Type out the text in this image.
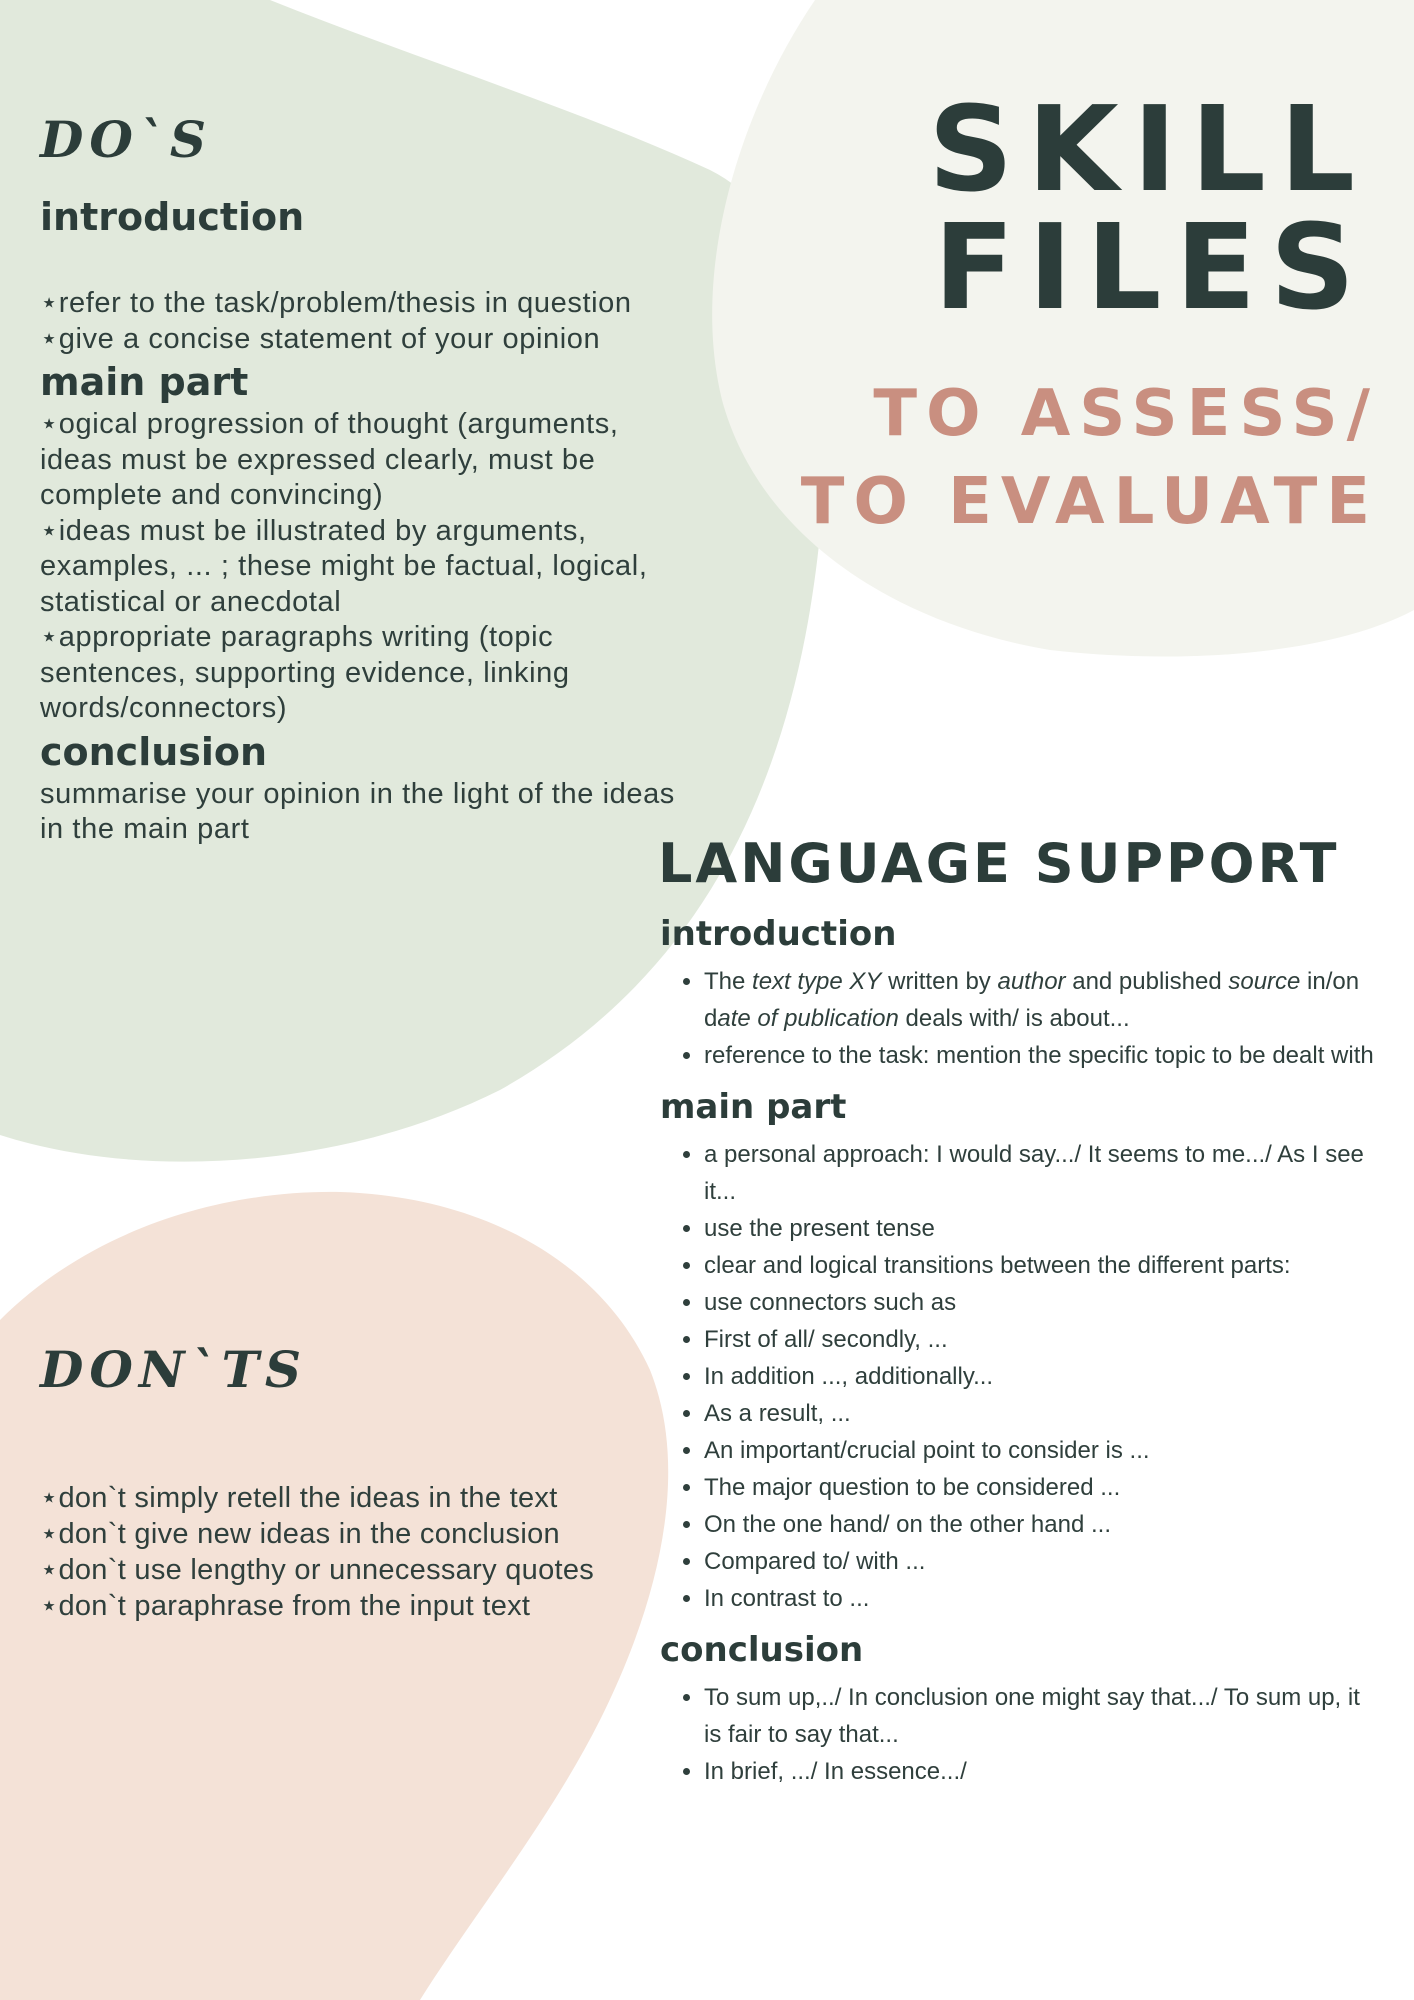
SKILL
FILES
TO ASSESS/
TO EVALUATE
DO`S
introduction

⋆refer to the task/problem/thesis in question
⋆give a concise statement of your opinion

main part

⋆ogical progression of thought (arguments, ideas must be expressed clearly, must be complete and convincing)
⋆ideas must be illustrated by arguments, examples, ... ; these might be factual, logical, statistical or anecdotal
⋆appropriate paragraphs writing (topic sentences, supporting evidence, linking words/connectors)

conclusion

summarise your opinion in the light of the ideas in the main part

DON`TS

⋆don`t simply retell the ideas in the text
⋆don`t give new ideas in the conclusion
⋆don`t use lengthy or unnecessary quotes
⋆don`t paraphrase from the input text

LANGUAGE SUPPORT
introduction
• The text type XY written by author and published source in/on date of publication deals with/ is about...
• reference to the task: mention the specific topic to be dealt with
main part
• a personal approach: I would say.../ It seems to me.../ As I see it...
• use the present tense
• clear and logical transitions between the different parts:
• use connectors such as
• First of all/ secondly, ...
• In addition ..., additionally...
• As a result, ...
• An important/crucial point to consider is ...
• The major question to be considered ...
• On the one hand/ on the other hand ...
• Compared to/ with ...
• In contrast to ...
conclusion
• To sum up,../ In conclusion one might say that.../ To sum up, it is fair to say that...
• In brief, .../ In essence.../
